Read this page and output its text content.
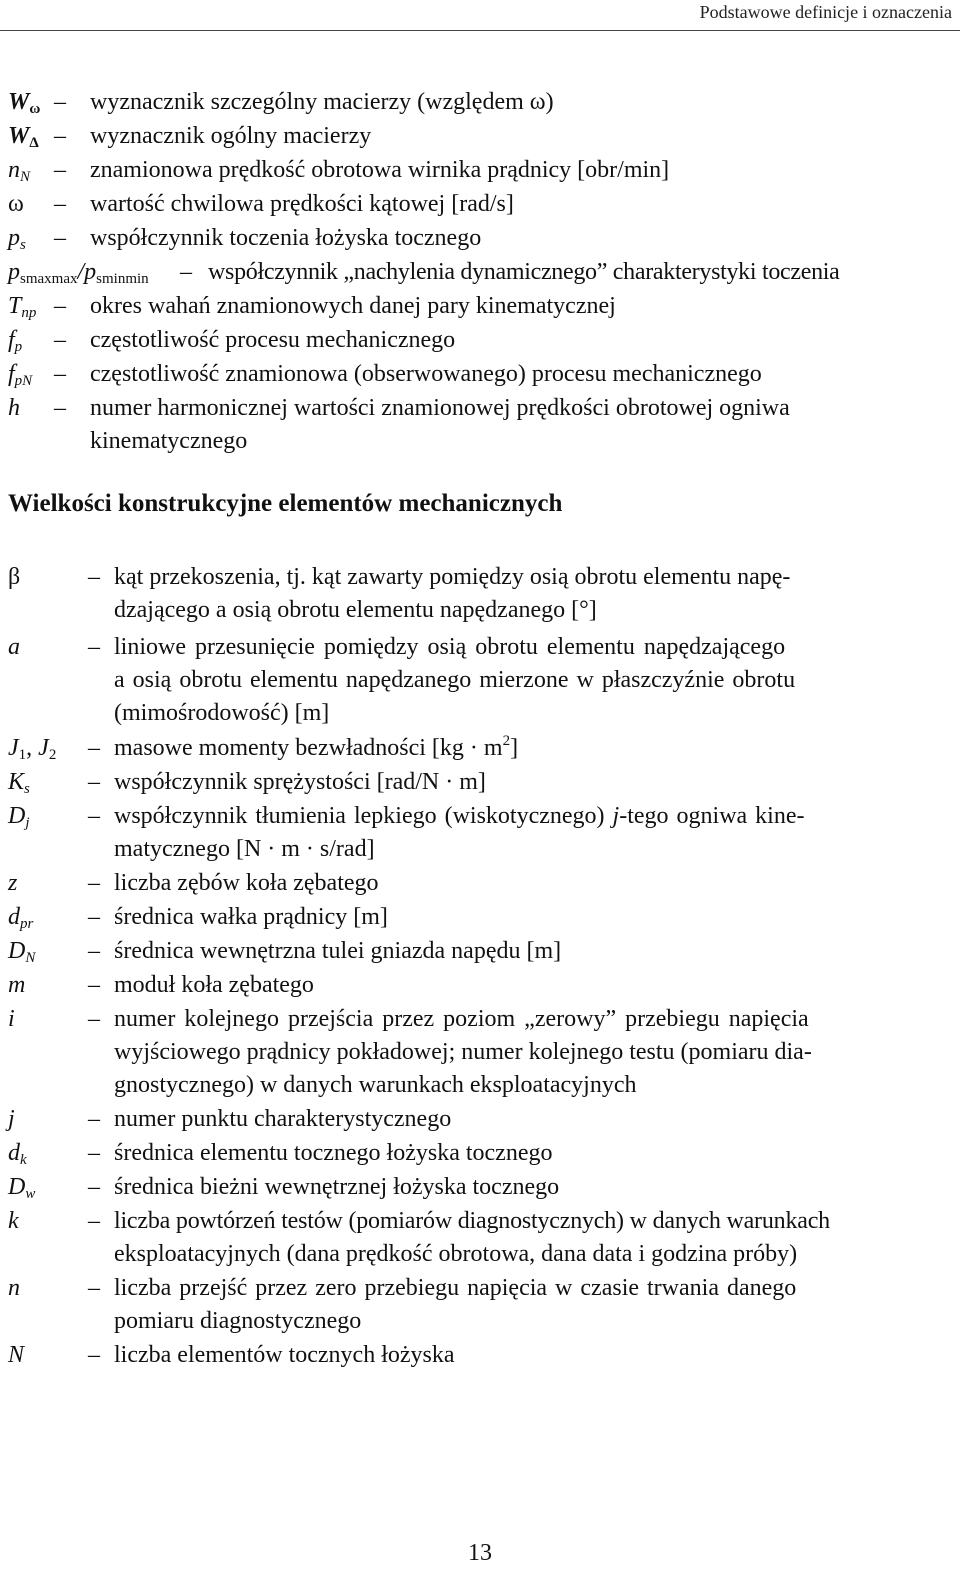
Podstawowe definicje i oznaczenia
$W_\omega$ – wyznacznik szczególny macierzy (względem ω)
$W_\Delta$ – wyznacznik ogólny macierzy
$n_N$ – znamionowa prędkość obrotowa wirnika prądnicy [obr/min]
ω – wartość chwilowa prędkości kątowej [rad/s]
$p_s$ – współczynnik toczenia łożyska tocznego
$p_{smaxmax}/p_{sminmin}$ – współczynnik „nachylenia dynamicznego” charakterystyki toczenia
$T_{np}$ – okres wahań znamionowych danej pary kinematycznej
$f_p$ – częstotliwość procesu mechanicznego
$f_{pN}$ – częstotliwość znamionowa (obserwowanego) procesu mechanicznego
h – numer harmonicznej wartości znamionowej prędkości obrotowej ogniwa
kinematycznego
Wielkości konstrukcyjne elementów mechanicznych
β	– kąt przekoszenia, tj. kąt zawarty pomiędzy osią obrotu elementu napę-
dzającego a osią obrotu elementu napędzanego [°]
a	– liniowe przesunięcie pomiędzy osią obrotu elementu napędzającego
a osią obrotu elementu napędzanego mierzone w płaszczyźnie obrotu
(mimośrodowość) [m]
$J_1$, $J_2$ – masowe momenty bezwładności $[kg \cdot m^2]$
$K_s$ – współczynnik sprężystości [rad/N · m]
$D_j$ – współczynnik tłumienia lepkiego (wiskotycznego) j-tego ogniwa kine-
matycznego [N · m · s/rad]
z	– liczba zębów koła zębatego
$d_{pr}$ – średnica wałka prądnicy [m]
$D_N$ – średnica wewnętrzna tulei gniazda napędu [m]
m	– moduł koła zębatego
i	– numer kolejnego przejścia przez poziom „zerowy” przebiegu napięcia
wyjściowego prądnicy pokładowej; numer kolejnego testu (pomiaru dia-
gnostycznego) w danych warunkach eksploatacyjnych
j	– numer punktu charakterystycznego
$d_k$	– średnica elementu tocznego łożyska tocznego
$D_w$ – średnica bieżni wewnętrznej łożyska tocznego
k	– liczba powtórzeń testów (pomiarów diagnostycznych) w danych warunkach
eksploatacyjnych (dana prędkość obrotowa, dana data i godzina próby)
n	– liczba przejść przez zero przebiegu napięcia w czasie trwania danego
pomiaru diagnostycznego
N	– liczba elementów tocznych łożyska
13
